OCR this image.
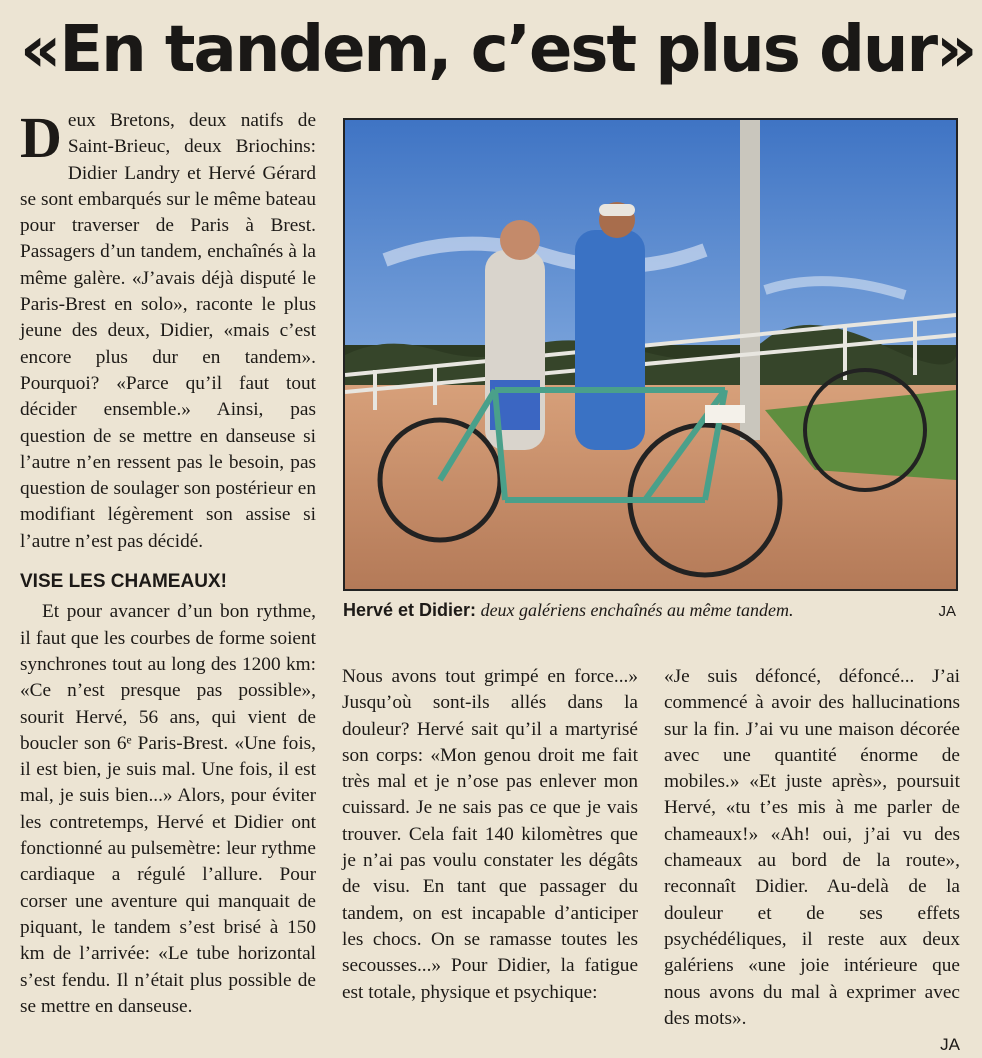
«En tandem, c’est plus dur»

Deux Bretons, deux natifs de Saint-Brieuc, deux Briochins: Didier Landry et Hervé Gérard se sont embarqués sur le même bateau pour traverser de Paris à Brest. Passagers d’un tandem, enchaînés à la même galère. «J’avais déjà disputé le Paris-Brest en solo», raconte le plus jeune des deux, Didier, «mais c’est encore plus dur en tandem». Pourquoi? «Parce qu’il faut tout décider ensemble.» Ainsi, pas question de se mettre en danseuse si l’autre n’en ressent pas le besoin, pas question de soulager son postérieur en modifiant légèrement son assise si l’autre n’est pas décidé.

VISE LES CHAMEAUX!

Et pour avancer d’un bon rythme, il faut que les courbes de forme soient synchrones tout au long des 1200 km: «Ce n’est presque pas possible», sourit Hervé, 56 ans, qui vient de boucler son 6ᵉ Paris-Brest. «Une fois, il est bien, je suis mal. Une fois, il est mal, je suis bien...» Alors, pour éviter les contretemps, Hervé et Didier ont fonctionné au pulsemètre: leur rythme cardiaque a régulé l’allure. Pour corser une aventure qui manquait de piquant, le tandem s’est brisé à 150 km de l’arrivée: «Le tube horizontal s’est fendu. Il n’était plus possible de se mettre en danseuse.

Hervé et Didier: deux galériens enchaînés au même tandem.	JA

Nous avons tout grimpé en force...» Jusqu’où sont-ils allés dans la douleur? Hervé sait qu’il a martyrisé son corps: «Mon genou droit me fait très mal et je n’ose pas enlever mon cuissard. Je ne sais pas ce que je vais trouver. Cela fait 140 kilomètres que je n’ai pas voulu constater les dégâts de visu. En tant que passager du tandem, on est incapable d’anticiper les chocs. On se ramasse toutes les secousses...» Pour Didier, la fatigue est totale, physique et psychique:

«Je suis défoncé, défoncé... J’ai commencé à avoir des hallucinations sur la fin. J’ai vu une maison décorée avec une quantité énorme de mobiles.» «Et juste après», poursuit Hervé, «tu t’es mis à me parler de chameaux!» «Ah! oui, j’ai vu des chameaux au bord de la route», reconnaît Didier. Au-delà de la douleur et de ses effets psychédéliques, il reste aux deux galériens «une joie intérieure que nous avons du mal à exprimer avec des mots».

JA
